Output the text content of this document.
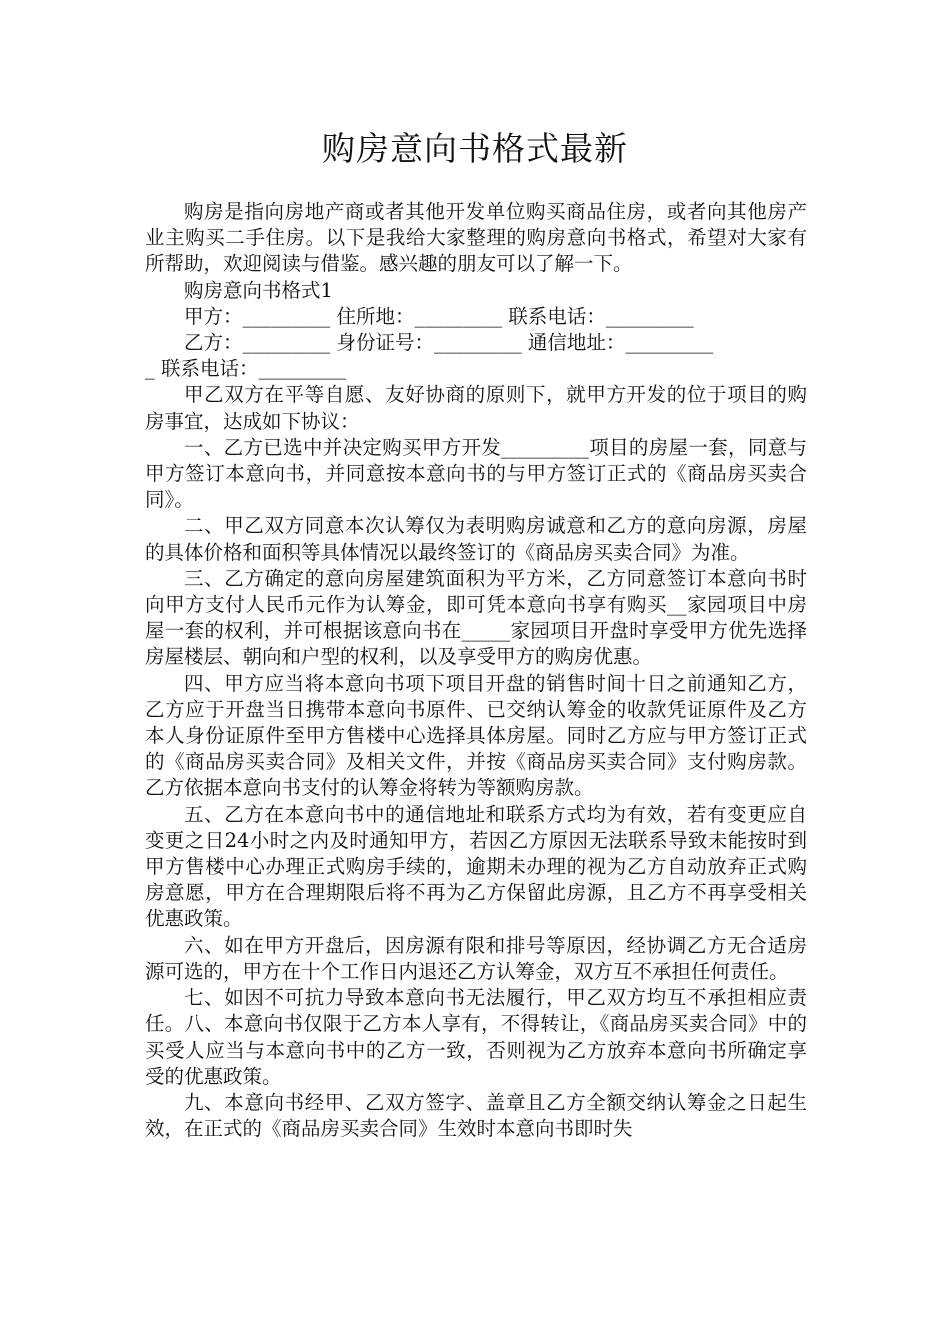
购房意向书格式最新

购房是指向房地产商或者其他开发单位购买商品住房，或者向其他房产业主购买二手住房。以下是我给大家整理的购房意向书格式，希望对大家有所帮助，欢迎阅读与借鉴。感兴趣的朋友可以了解一下。

购房意向书格式1

甲方：_________ 住所地：_________ 联系电话：_________

乙方：_________ 身份证号：_________ 通信地址：_________

_ 联系电话：_________

甲乙双方在平等自愿、友好协商的原则下，就甲方开发的位于项目的购房事宜，达成如下协议：

一、乙方已选中并决定购买甲方开发_________项目的房屋一套，同意与甲方签订本意向书，并同意按本意向书的与甲方签订正式的《商品房买卖合同》。

二、甲乙双方同意本次认筹仅为表明购房诚意和乙方的意向房源，房屋的具体价格和面积等具体情况以最终签订的《商品房买卖合同》为准。

三、乙方确定的意向房屋建筑面积为平方米，乙方同意签订本意向书时向甲方支付人民币元作为认筹金，即可凭本意向书享有购买__家园项目中房屋一套的权利，并可根据该意向书在_____家园项目开盘时享受甲方优先选择房屋楼层、朝向和户型的权利，以及享受甲方的购房优惠。

四、甲方应当将本意向书项下项目开盘的销售时间十日之前通知乙方，乙方应于开盘当日携带本意向书原件、已交纳认筹金的收款凭证原件及乙方本人身份证原件至甲方售楼中心选择具体房屋。同时乙方应与甲方签订正式的《商品房买卖合同》及相关文件，并按《商品房买卖合同》支付购房款。乙方依据本意向书支付的认筹金将转为等额购房款。

五、乙方在本意向书中的通信地址和联系方式均为有效，若有变更应自变更之日24小时之内及时通知甲方，若因乙方原因无法联系导致未能按时到甲方售楼中心办理正式购房手续的，逾期未办理的视为乙方自动放弃正式购房意愿，甲方在合理期限后将不再为乙方保留此房源，且乙方不再享受相关优惠政策。

六、如在甲方开盘后，因房源有限和排号等原因，经协调乙方无合适房源可选的，甲方在十个工作日内退还乙方认筹金，双方互不承担任何责任。

七、如因不可抗力导致本意向书无法履行，甲乙双方均互不承担相应责任。八、本意向书仅限于乙方本人享有，不得转让，《商品房买卖合同》中的买受人应当与本意向书中的乙方一致，否则视为乙方放弃本意向书所确定享受的优惠政策。

九、本意向书经甲、乙双方签字、盖章且乙方全额交纳认筹金之日起生效，在正式的《商品房买卖合同》生效时本意向书即时失
